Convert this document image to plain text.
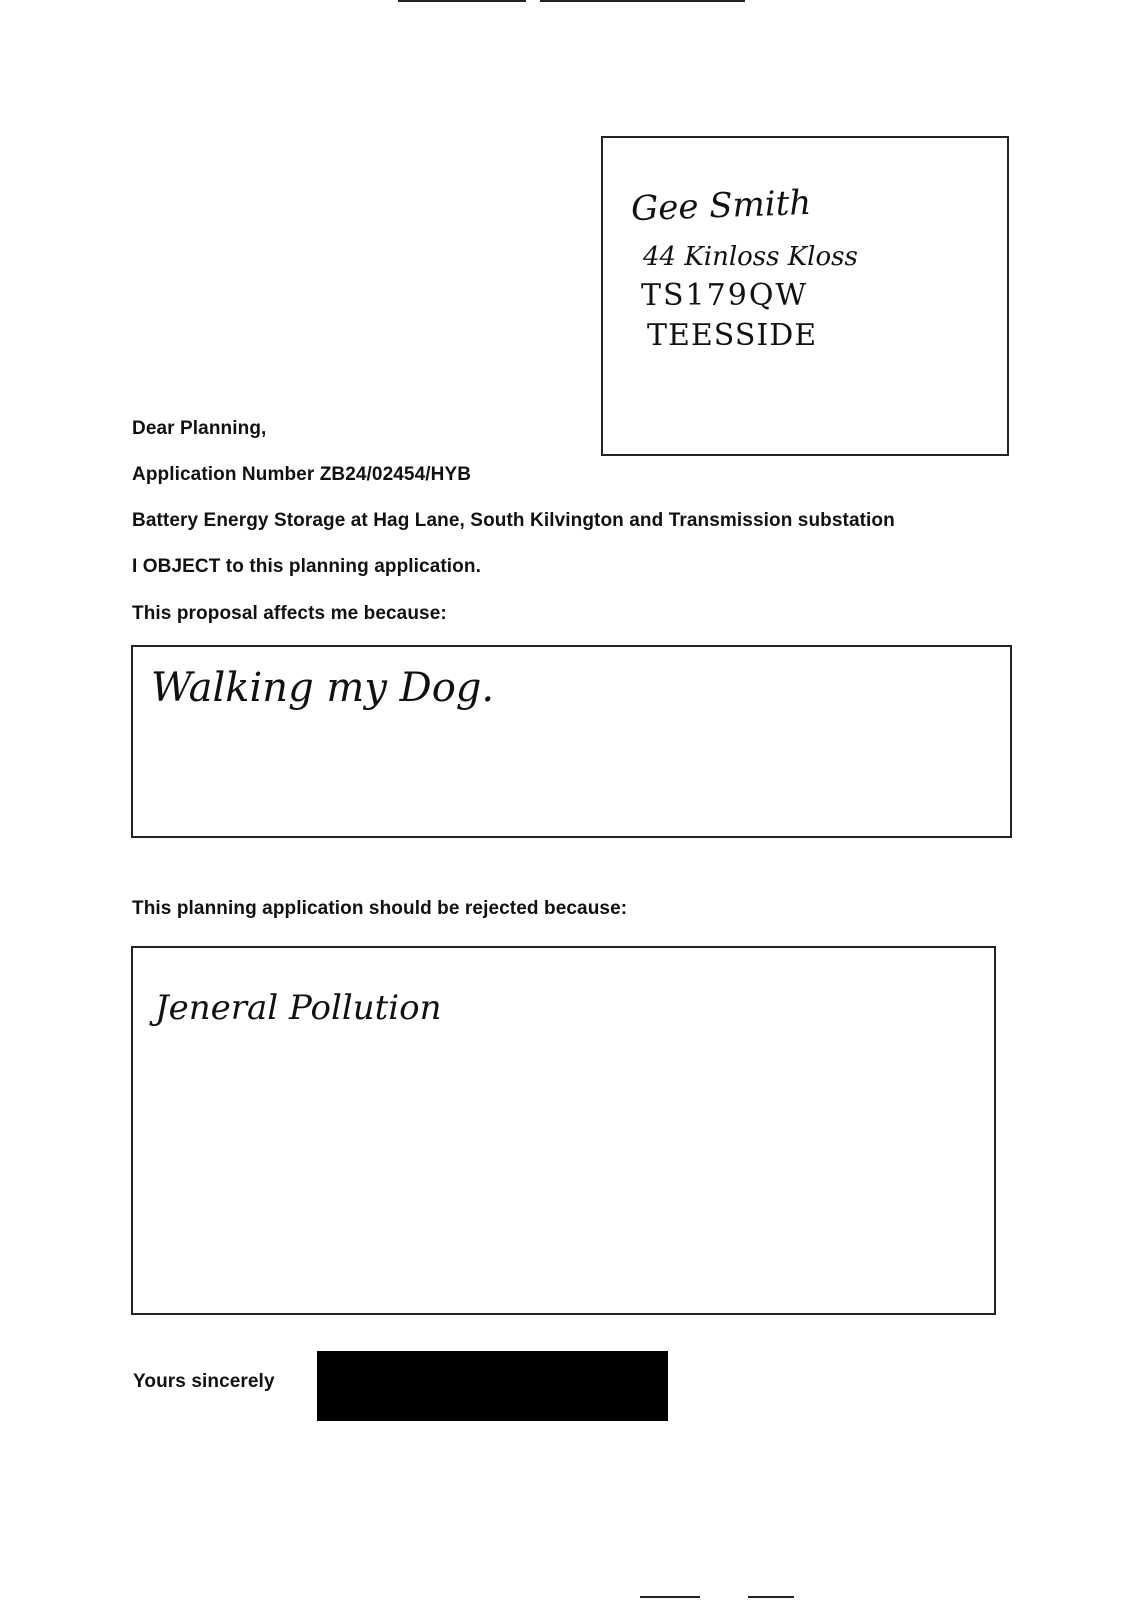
Gee Smith
44 Kinloss Kloss
TS179QW
TEESSIDE
Dear Planning,
Application Number ZB24/02454/HYB
Battery Energy Storage at Hag Lane, South Kilvington and Transmission substation
I OBJECT to this planning application.
This proposal affects me because:
Walking my Dog.
This planning application should be rejected because:
Jeneral Pollution
Yours sincerely
